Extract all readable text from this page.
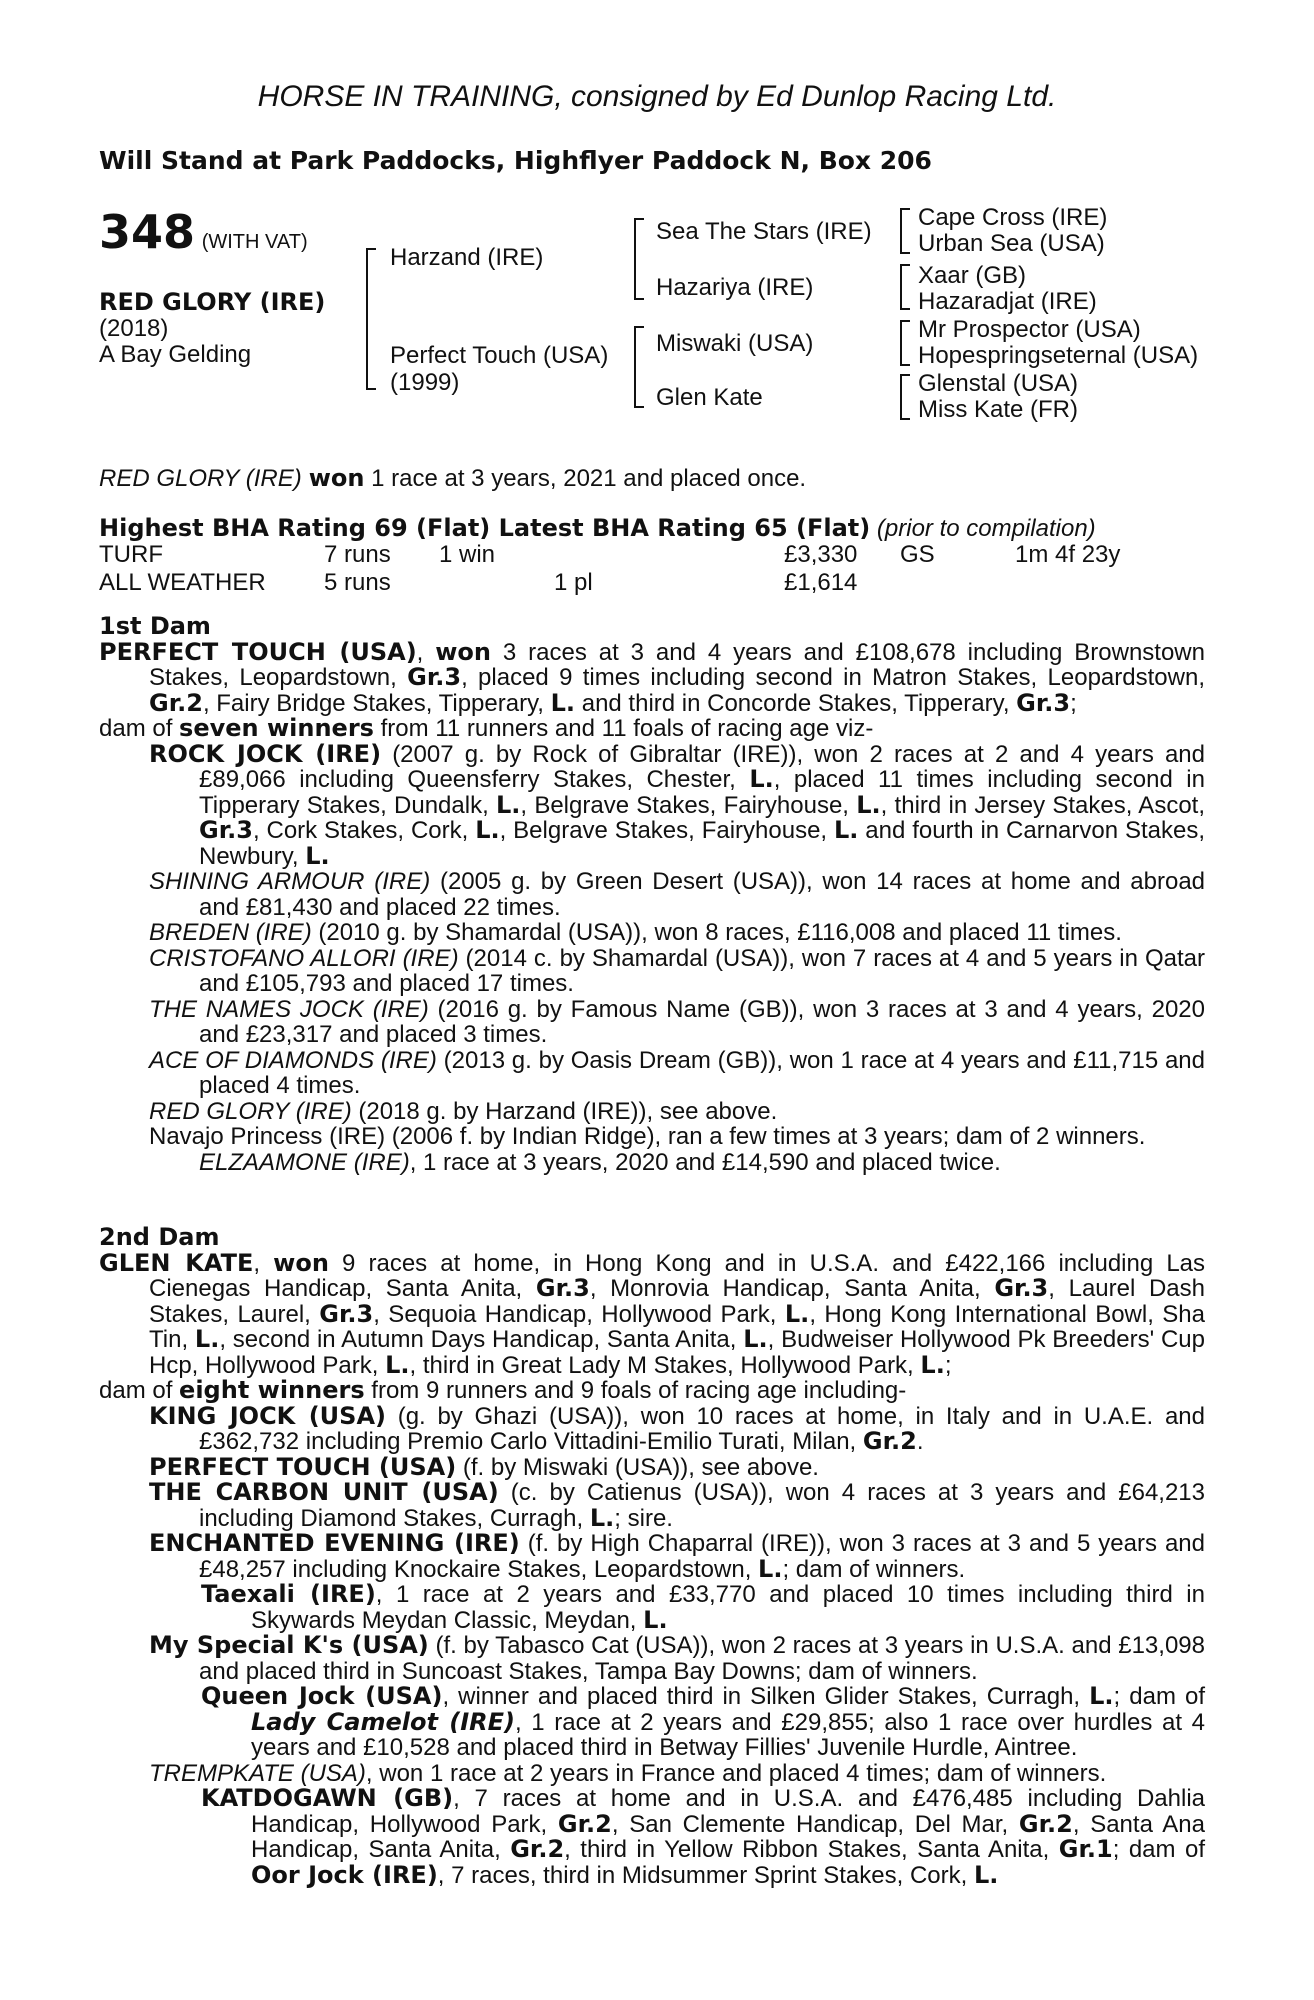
HORSE IN TRAINING, consigned by Ed Dunlop Racing Ltd.
Will Stand at Park Paddocks, Highflyer Paddock N, Box 206
348 (WITH VAT)
RED GLORY (IRE)
(2018)
A Bay Gelding
Harzand (IRE)
Perfect Touch (USA)
(1999)
Sea The Stars (IRE)
Hazariya (IRE)
Miswaki (USA)
Glen Kate
Cape Cross (IRE)
Urban Sea (USA)
Xaar (GB)
Hazaradjat (IRE)
Mr Prospector (USA)
Hopespringseternal (USA)
Glenstal (USA)
Miss Kate (FR)
RED GLORY (IRE) won 1 race at 3 years, 2021 and placed once.
Highest BHA Rating 69 (Flat) Latest BHA Rating 65 (Flat) (prior to compilation)
TURF	7 runs	1 win		£3,330	GS	1m 4f 23y
ALL WEATHER	5 runs		1 pl	£1,614		

1st Dam

PERFECT TOUCH (USA), won 3 races at 3 and 4 years and £108,678 including Brownstown Stakes, Leopardstown, Gr.3, placed 9 times including second in Matron Stakes, Leopardstown, Gr.2, Fairy Bridge Stakes, Tipperary, L. and third in Concorde Stakes, Tipperary, Gr.3;

dam of seven winners from 11 runners and 11 foals of racing age viz-

ROCK JOCK (IRE) (2007 g. by Rock of Gibraltar (IRE)), won 2 races at 2 and 4 years and £89,066 including Queensferry Stakes, Chester, L., placed 11 times including second in Tipperary Stakes, Dundalk, L., Belgrave Stakes, Fairyhouse, L., third in Jersey Stakes, Ascot, Gr.3, Cork Stakes, Cork, L., Belgrave Stakes, Fairyhouse, L. and fourth in Carnarvon Stakes, Newbury, L.

SHINING ARMOUR (IRE) (2005 g. by Green Desert (USA)), won 14 races at home and abroad and £81,430 and placed 22 times.

BREDEN (IRE) (2010 g. by Shamardal (USA)), won 8 races, £116,008 and placed 11 times.

CRISTOFANO ALLORI (IRE) (2014 c. by Shamardal (USA)), won 7 races at 4 and 5 years in Qatar and £105,793 and placed 17 times.

THE NAMES JOCK (IRE) (2016 g. by Famous Name (GB)), won 3 races at 3 and 4 years, 2020 and £23,317 and placed 3 times.

ACE OF DIAMONDS (IRE) (2013 g. by Oasis Dream (GB)), won 1 race at 4 years and £11,715 and placed 4 times.

RED GLORY (IRE) (2018 g. by Harzand (IRE)), see above.

Navajo Princess (IRE) (2006 f. by Indian Ridge), ran a few times at 3 years; dam of 2 winners.

ELZAAMONE (IRE), 1 race at 3 years, 2020 and £14,590 and placed twice.

2nd Dam

GLEN KATE, won 9 races at home, in Hong Kong and in U.S.A. and £422,166 including Las Cienegas Handicap, Santa Anita, Gr.3, Monrovia Handicap, Santa Anita, Gr.3, Laurel Dash Stakes, Laurel, Gr.3, Sequoia Handicap, Hollywood Park, L., Hong Kong International Bowl, Sha Tin, L., second in Autumn Days Handicap, Santa Anita, L., Budweiser Hollywood Pk Breeders' Cup Hcp, Hollywood Park, L., third in Great Lady M Stakes, Hollywood Park, L.;

dam of eight winners from 9 runners and 9 foals of racing age including-

KING JOCK (USA) (g. by Ghazi (USA)), won 10 races at home, in Italy and in U.A.E. and £362,732 including Premio Carlo Vittadini-Emilio Turati, Milan, Gr.2.

PERFECT TOUCH (USA) (f. by Miswaki (USA)), see above.

THE CARBON UNIT (USA) (c. by Catienus (USA)), won 4 races at 3 years and £64,213 including Diamond Stakes, Curragh, L.; sire.

ENCHANTED EVENING (IRE) (f. by High Chaparral (IRE)), won 3 races at 3 and 5 years and £48,257 including Knockaire Stakes, Leopardstown, L.; dam of winners.

Taexali (IRE), 1 race at 2 years and £33,770 and placed 10 times including third in Skywards Meydan Classic, Meydan, L.

My Special K's (USA) (f. by Tabasco Cat (USA)), won 2 races at 3 years in U.S.A. and £13,098 and placed third in Suncoast Stakes, Tampa Bay Downs; dam of winners.

Queen Jock (USA), winner and placed third in Silken Glider Stakes, Curragh, L.; dam of Lady Camelot (IRE), 1 race at 2 years and £29,855; also 1 race over hurdles at 4 years and £10,528 and placed third in Betway Fillies' Juvenile Hurdle, Aintree.

TREMPKATE (USA), won 1 race at 2 years in France and placed 4 times; dam of winners.

KATDOGAWN (GB), 7 races at home and in U.S.A. and £476,485 including Dahlia Handicap, Hollywood Park, Gr.2, San Clemente Handicap, Del Mar, Gr.2, Santa Ana Handicap, Santa Anita, Gr.2, third in Yellow Ribbon Stakes, Santa Anita, Gr.1; dam of Oor Jock (IRE), 7 races, third in Midsummer Sprint Stakes, Cork, L.
